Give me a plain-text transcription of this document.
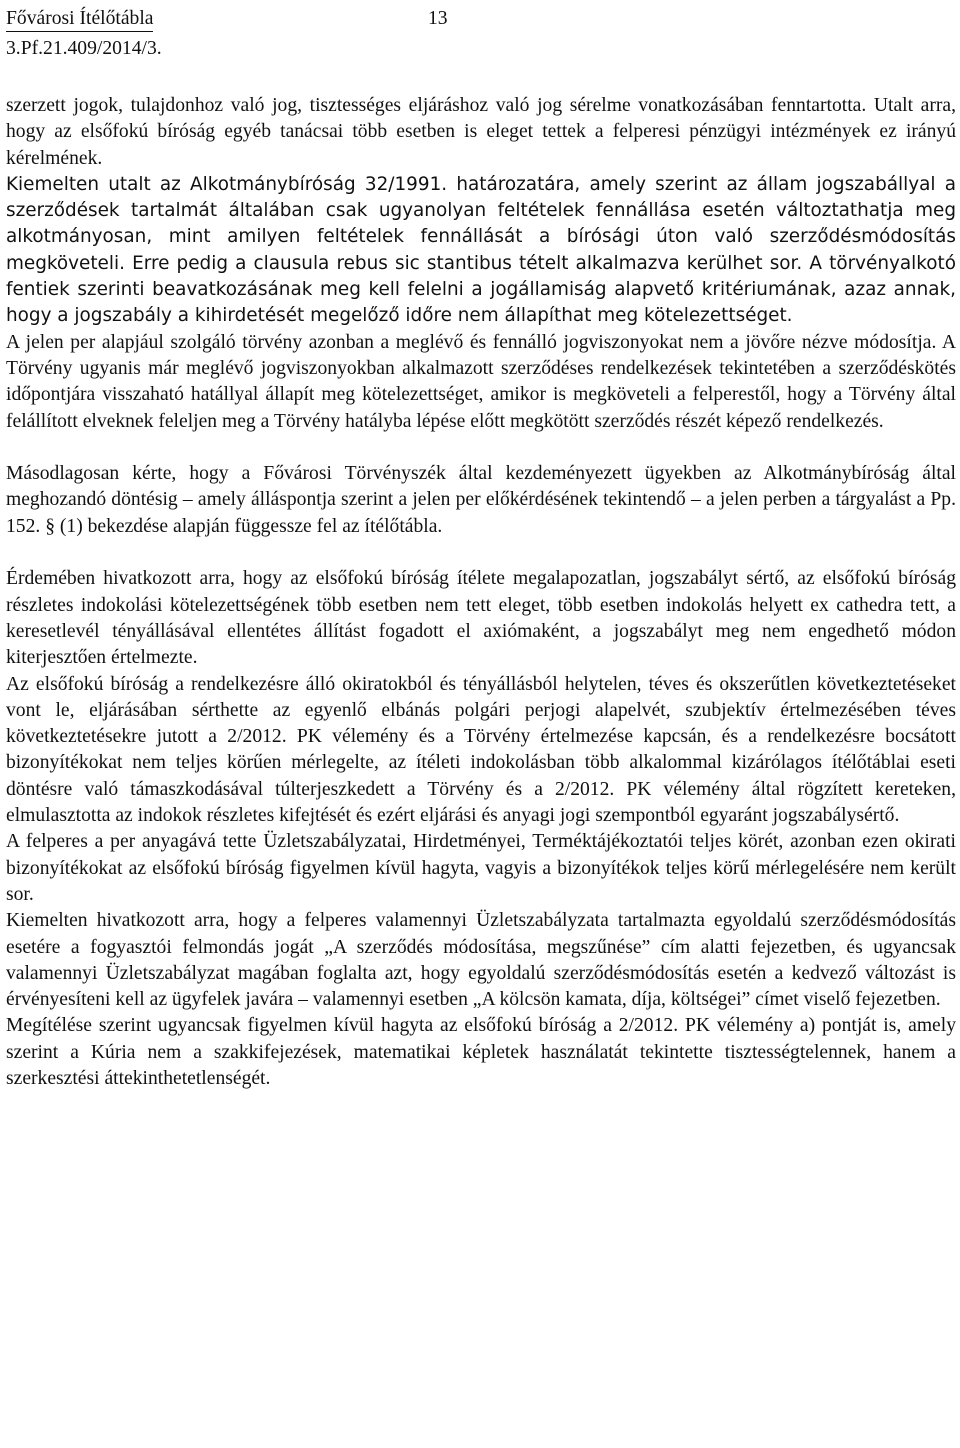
Fővárosi Ítélőtábla
3.Pf.21.409/2014/3.
13

szerzett jogok, tulajdonhoz való jog, tisztességes eljáráshoz való jog sérelme vonatkozásában fenntartotta. Utalt arra, hogy az elsőfokú bíróság egyéb tanácsai több esetben is eleget tettek a felperesi pénzügyi intézmények ez irányú kérelmének.

Kiemelten utalt az Alkotmánybíróság 32/1991. határozatára, amely szerint az állam jogszabállyal a szerződések tartalmát általában csak ugyanolyan feltételek fennállása esetén változtathatja meg alkotmányosan, mint amilyen feltételek fennállását a bírósági úton való szerződésmódosítás megköveteli. Erre pedig a clausula rebus sic stantibus tételt alkalmazva kerülhet sor. A törvényalkotó fentiek szerinti beavatkozásának meg kell felelni a jogállamiság alapvető kritériumának, azaz annak, hogy a jogszabály a kihirdetését megelőző időre nem állapíthat meg kötelezettséget.

A jelen per alapjául szolgáló törvény azonban a meglévő és fennálló jogviszonyokat nem a jövőre nézve módosítja. A Törvény ugyanis már meglévő jogviszonyokban alkalmazott szerződéses rendelkezések tekintetében a szerződéskötés időpontjára visszaható hatállyal állapít meg kötelezettséget, amikor is megköveteli a felperestől, hogy a Törvény által felállított elveknek feleljen meg a Törvény hatályba lépése előtt megkötött szerződés részét képező rendelkezés.

Másodlagosan kérte, hogy a Fővárosi Törvényszék által kezdeményezett ügyekben az Alkotmánybíróság által meghozandó döntésig – amely álláspontja szerint a jelen per előkérdésének tekintendő – a jelen perben a tárgyalást a Pp. 152. § (1) bekezdése alapján függessze fel az ítélőtábla.

Érdemében hivatkozott arra, hogy az elsőfokú bíróság ítélete megalapozatlan, jogszabályt sértő, az elsőfokú bíróság részletes indokolási kötelezettségének több esetben nem tett eleget, több esetben indokolás helyett ex cathedra tett, a keresetlevél tényállásával ellentétes állítást fogadott el axiómaként, a jogszabályt meg nem engedhető módon kiterjesztően értelmezte.

Az elsőfokú bíróság a rendelkezésre álló okiratokból és tényállásból helytelen, téves és okszerűtlen következtetéseket vont le, eljárásában sérthette az egyenlő elbánás polgári perjogi alapelvét, szubjektív értelmezésében téves következtetésekre jutott a 2/2012. PK vélemény és a Törvény értelmezése kapcsán, és a rendelkezésre bocsátott bizonyítékokat nem teljes körűen mérlegelte, az ítéleti indokolásban több alkalommal kizárólagos ítélőtáblai eseti döntésre való támaszkodásával túlterjeszkedett a Törvény és a 2/2012. PK vélemény által rögzített kereteken, elmulasztotta az indokok részletes kifejtését és ezért eljárási és anyagi jogi szempontból egyaránt jogszabálysértő.

A felperes a per anyagává tette Üzletszabályzatai, Hirdetményei, Terméktájékoztatói teljes körét, azonban ezen okirati bizonyítékokat az elsőfokú bíróság figyelmen kívül hagyta, vagyis a bizonyítékok teljes körű mérlegelésére nem került sor.

Kiemelten hivatkozott arra, hogy a felperes valamennyi Üzletszabályzata tartalmazta egyoldalú szerződésmódosítás esetére a fogyasztói felmondás jogát „A szerződés módosítása, megszűnése” cím alatti fejezetben, és ugyancsak valamennyi Üzletszabályzat magában foglalta azt, hogy egyoldalú szerződésmódosítás esetén a kedvező változást is érvényesíteni kell az ügyfelek javára – valamennyi esetben „A kölcsön kamata, díja, költségei” címet viselő fejezetben.

Megítélése szerint ugyancsak figyelmen kívül hagyta az elsőfokú bíróság a 2/2012. PK vélemény a) pontját is, amely szerint a Kúria nem a szakkifejezések, matematikai képletek használatát tekintette tisztességtelennek, hanem a szerkesztési áttekinthetetlenségét.
